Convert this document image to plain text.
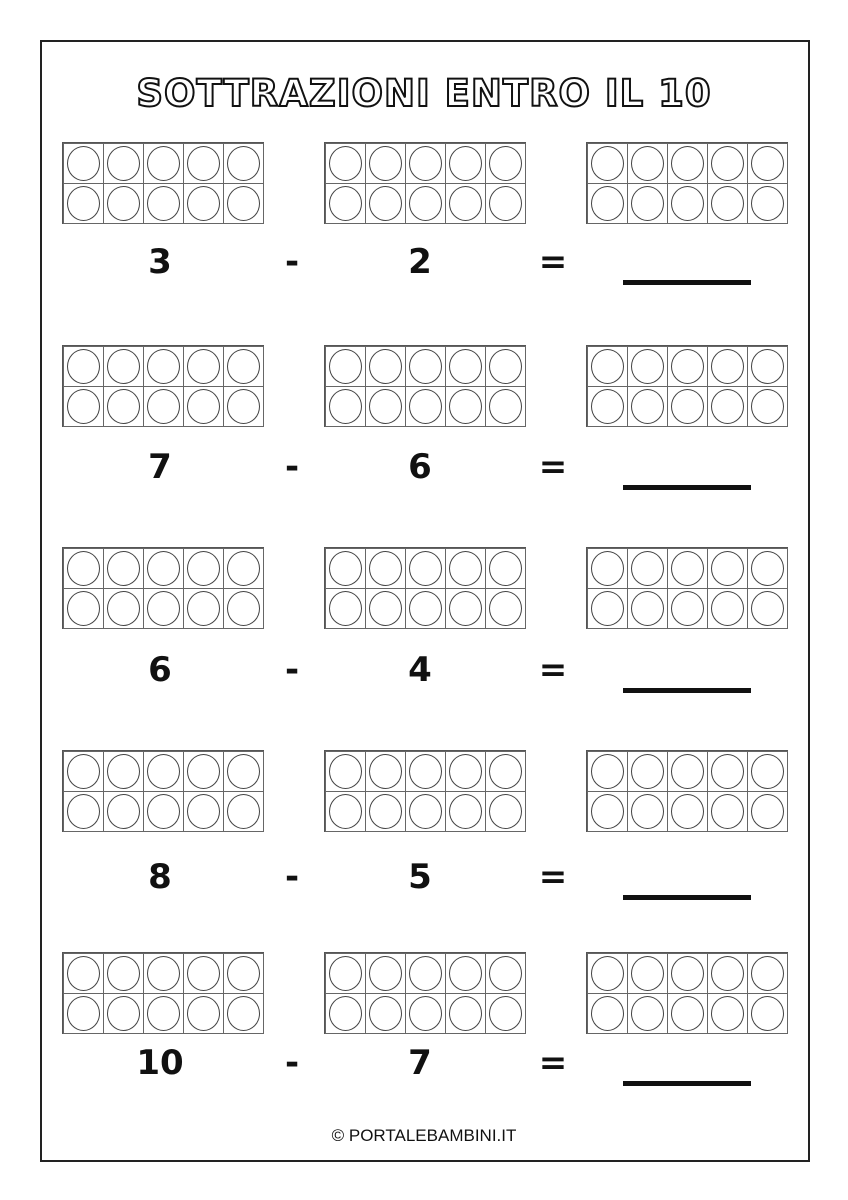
SOTTRAZIONI ENTRO IL 10
3	-	2	=
7	-	6	=
6	-	4	=
8	-	5	=
10	-	7	=
© PORTALEBAMBINI.IT
